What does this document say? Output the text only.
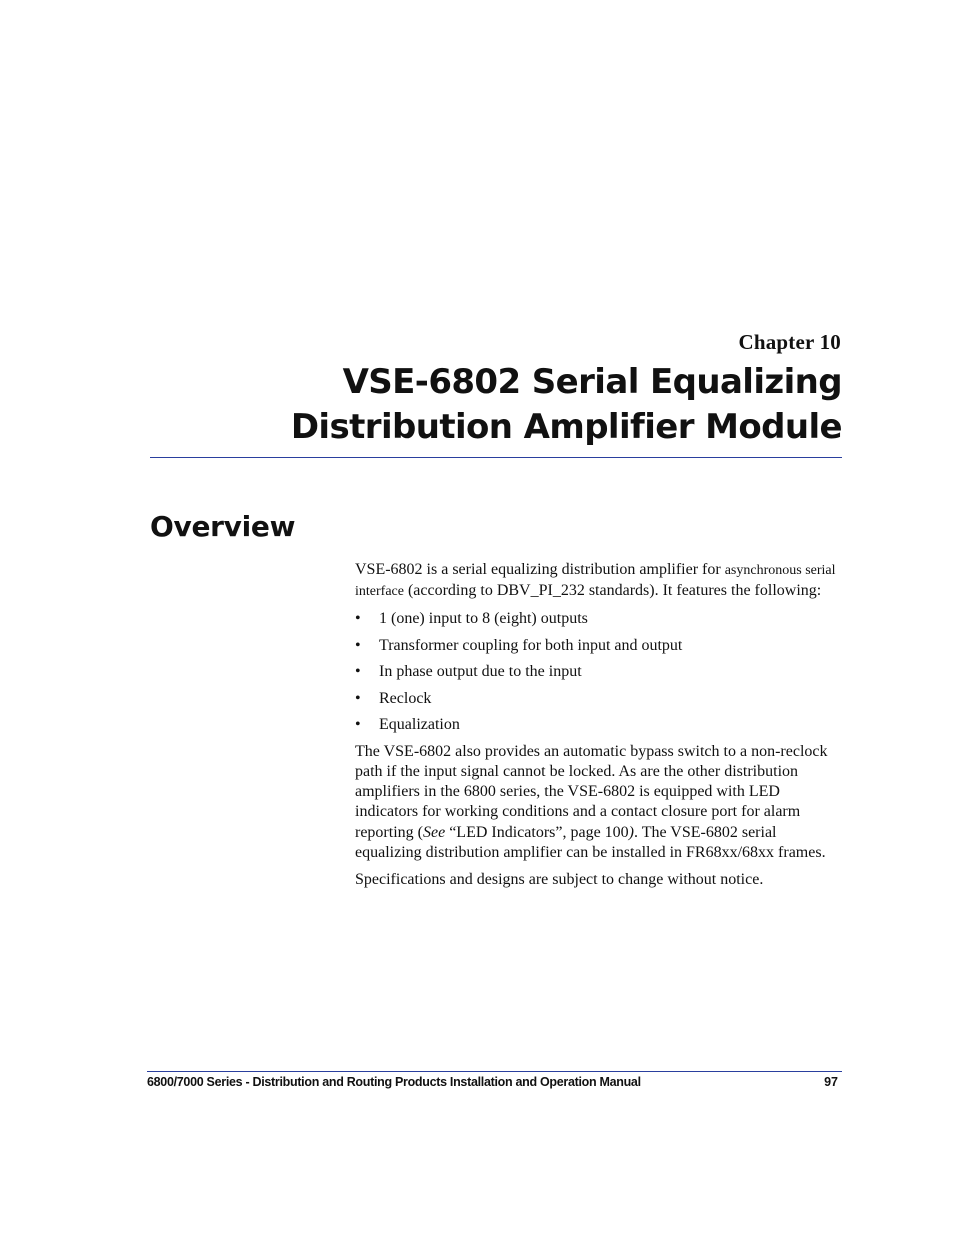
Chapter 10
VSE-6802 Serial Equalizing
Distribution Amplifier Module
Overview

VSE-6802 is a serial equalizing distribution amplifier for asynchronous serial interface (according to DBV_PI_232 standards). It features the following:

• 1 (one) input to 8 (eight) outputs
• Transformer coupling for both input and output
• In phase output due to the input
• Reclock
• Equalization

The VSE-6802 also provides an automatic bypass switch to a non-reclock path if the input signal cannot be locked. As are the other distribution amplifiers in the 6800 series, the VSE-6802 is equipped with LED indicators for working conditions and a contact closure port for alarm reporting (See “LED Indicators”, page 100). The VSE-6802 serial equalizing distribution amplifier can be installed in FR68xx/68xx frames.

Specifications and designs are subject to change without notice.

6800/7000 Series - Distribution and Routing Products Installation and Operation Manual	97
